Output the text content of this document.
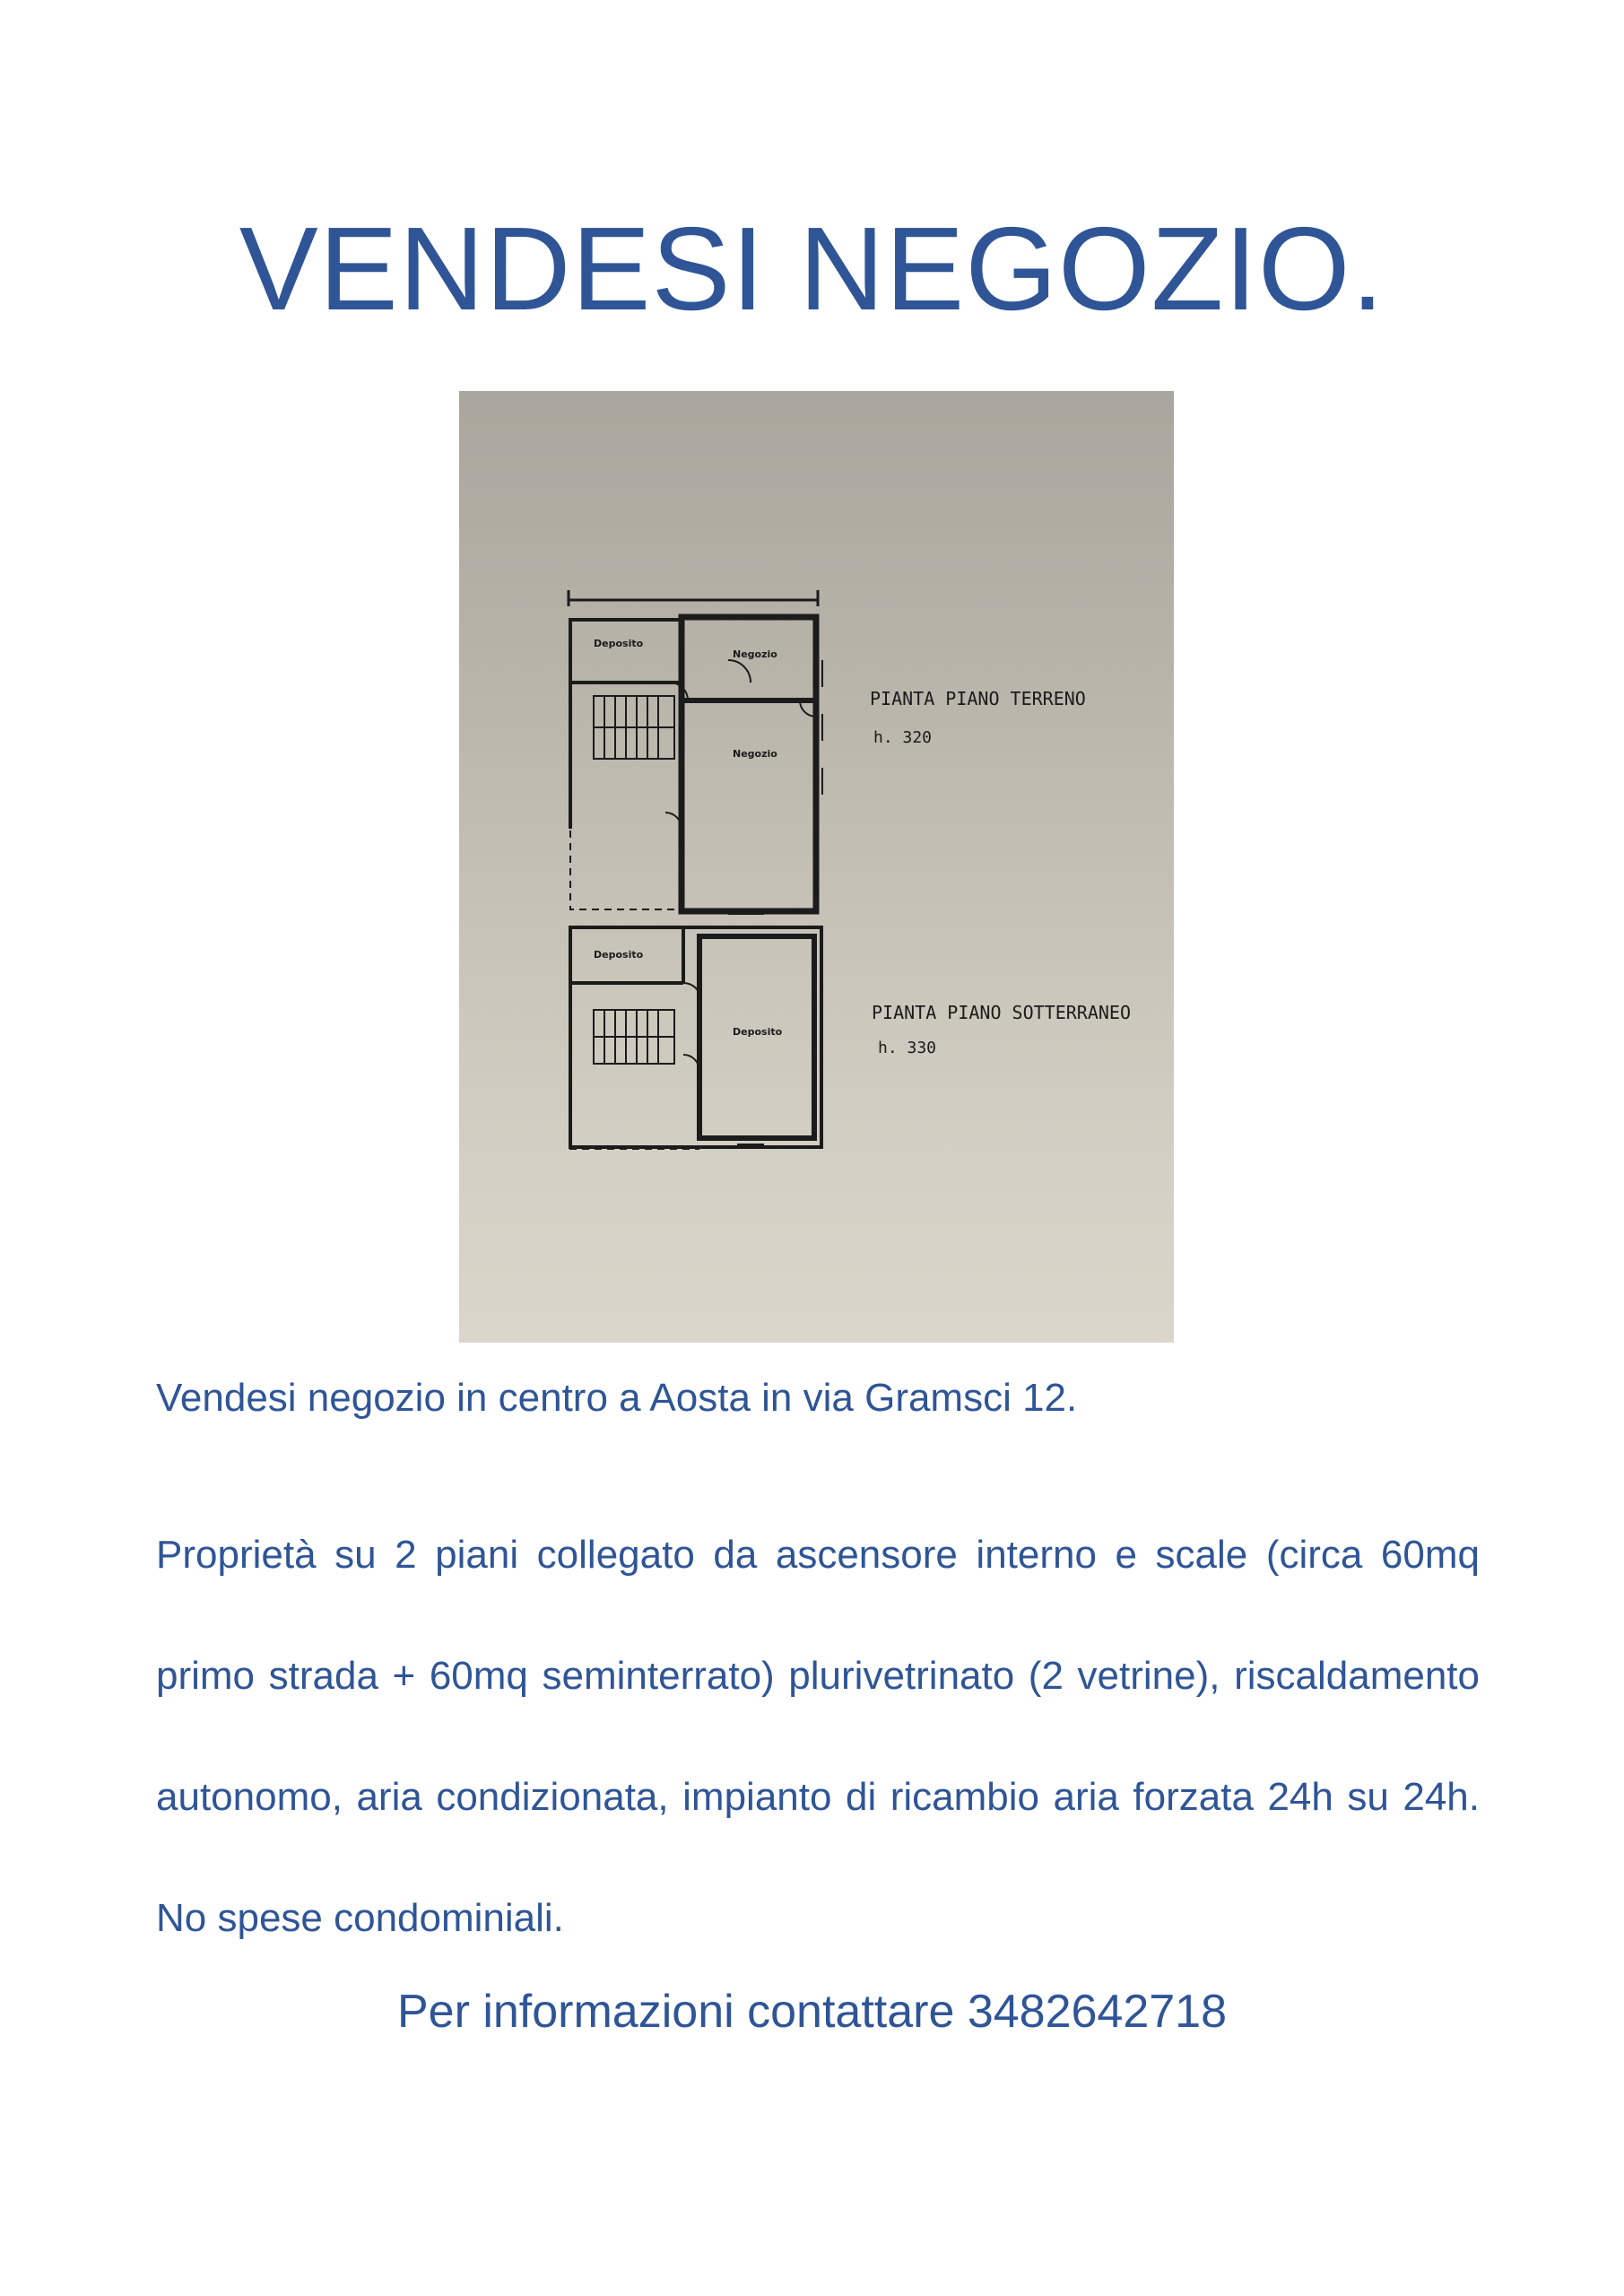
VENDESI NEGOZIO.
Deposito
Negozio
Negozio
Deposito
Deposito
PIANTA PIANO TERRENO
h. 320
PIANTA PIANO SOTTERRANEO
h. 330
Vendesi negozio in centro a Aosta in via Gramsci 12.
Proprietà su 2 piani collegato da ascensore interno e scale (circa 60mq primo strada + 60mq seminterrato) plurivetrinato (2 vetrine), riscaldamento autonomo, aria condizionata, impianto di ricambio aria forzata 24h su 24h. No spese condominiali.
Per informazioni contattare 3482642718
